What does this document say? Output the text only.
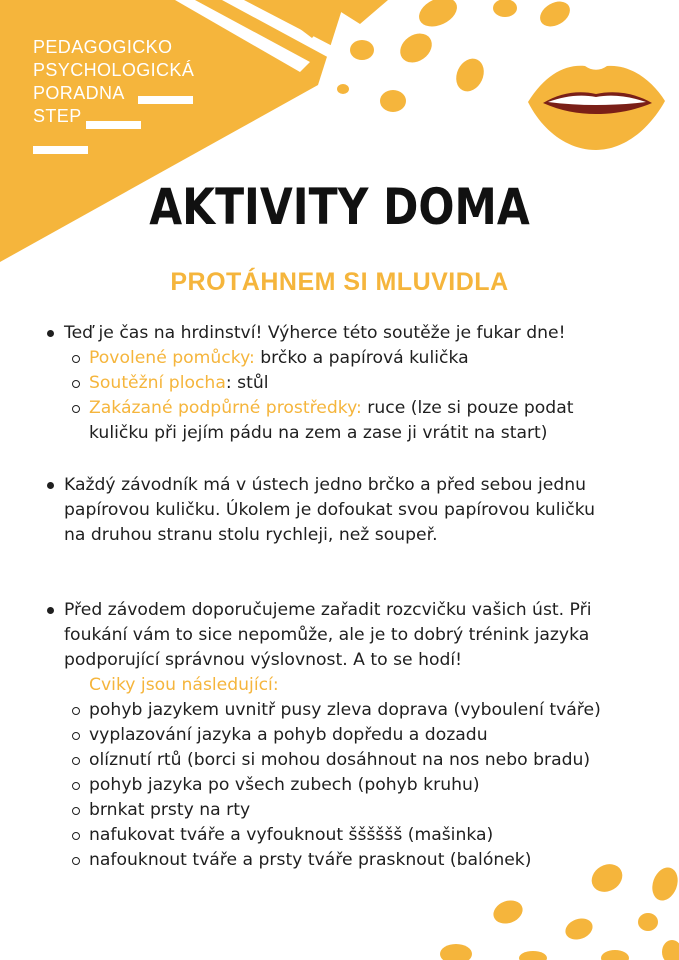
PEDAGOGICKO
PSYCHOLOGICKÁ
PORADNA
STEP
AKTIVITY DOMA
PROTÁHNEM SI MLUVIDLA
Teď je čas na hrdinství! Výherce této soutěže je fukar dne!
Povolené pomůcky: brčko a papírová kulička
Soutěžní plocha: stůl
Zakázané podpůrné prostředky: ruce (lze si pouze podat
kuličku při jejím pádu na zem a zase ji vrátit na start)
Každý závodník má v ústech jedno brčko a před sebou jednu
papírovou kuličku. Úkolem je dofoukat svou papírovou kuličku
na druhou stranu stolu rychleji, než soupeř.
Před závodem doporučujeme zařadit rozcvičku vašich úst. Při
foukání vám to sice nepomůže, ale je to dobrý trénink jazyka
podporující správnou výslovnost. A to se hodí!
Cviky jsou následující:
pohyb jazykem uvnitř pusy zleva doprava (vyboulení tváře)
vyplazování jazyka a pohyb dopředu a dozadu
olíznutí rtů (borci si mohou dosáhnout na nos nebo bradu)
pohyb jazyka po všech zubech (pohyb kruhu)
brnkat prsty na rty
nafukovat tváře a vyfouknout šššššš (mašinka)
nafouknout tváře a prsty tváře prasknout (balónek)
